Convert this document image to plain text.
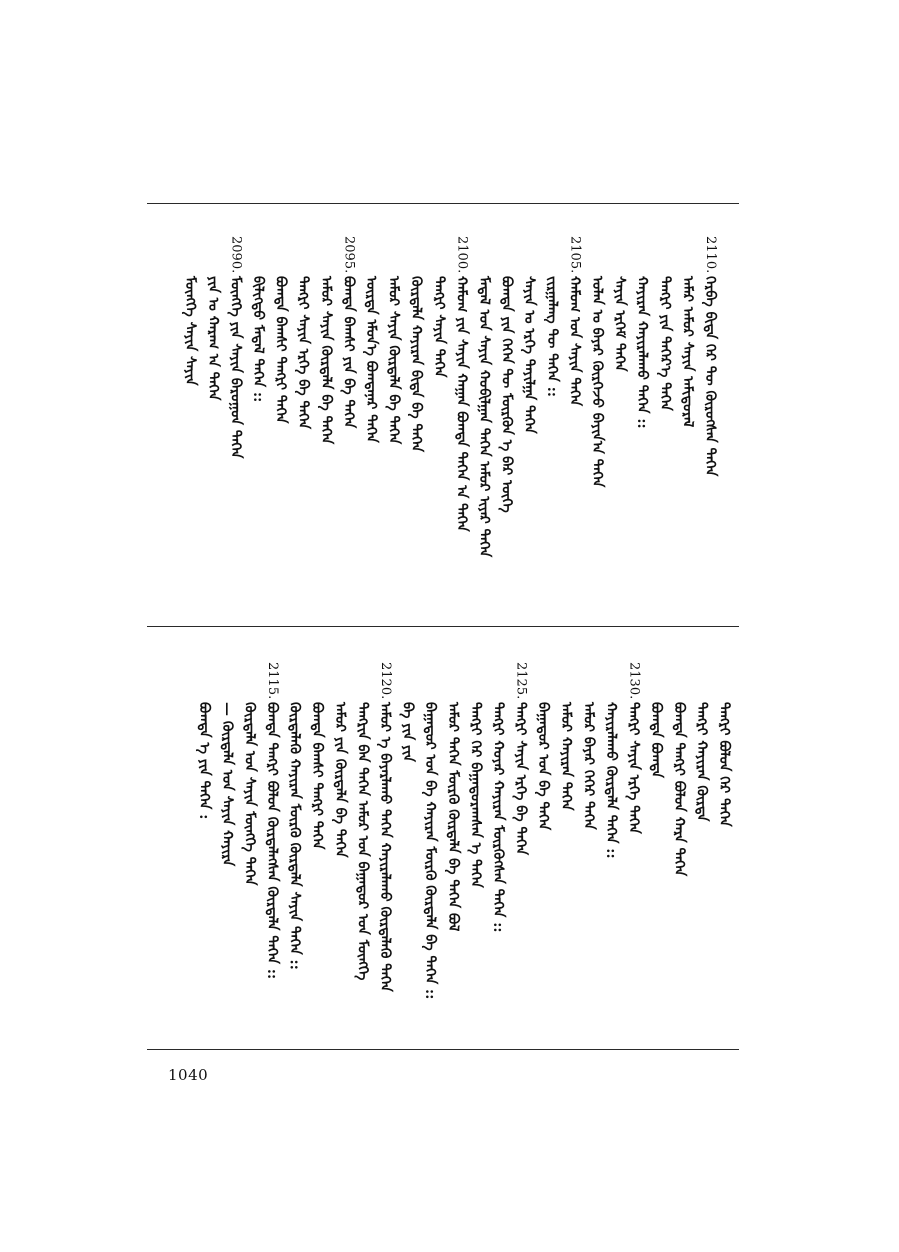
2110.
ᠬᠡᠷᠪᠡ ᠪᠢᠳᠡ ᠭᠡᠷ ᠲᠦ ᠬᠦᠷᠦᠭᠰᠡᠨ ᠳᠡᠭᠡᠨ
ᠠᠮᠠᠷ ᠠᠮᠤᠷ ᠰᠠᠶᠢᠨ ᠠᠮᠢᠳᠤᠷᠠᠯ
ᠲᠡᠩᠷᠢ ᠶᠢᠨ ᠳᠡᠭᠡᠷ᠎ᠡ ᠳᠡᠭᠡᠨ
ᠬᠠᠶᠢᠷᠠᠨ ᠬᠠᠶᠢᠷᠠᠯᠠᠬᠤ ᠳᠡᠭᠡᠨ ::
ᠰᠠᠶᠢᠨ ᠡᠷᠬᠡᠮ ᠳᠡᠭᠡᠨ
ᠣᠯᠠᠨ ᠤ ᠪᠠᠶᠠᠷ ᠬᠦᠷᠭᠡᠵᠦ ᠪᠠᠶᠢᠨ᠎ᠠ ᠳᠡᠭᠡᠨ
2105.
ᠬᠠᠮᠤᠭ ᠤᠨ ᠰᠠᠶᠢᠨ ᠳᠡᠭᠡᠨ
ᠵᠢᠷᠭᠠᠯᠠᠩ ᠲᠦ ᠳᠡᠭᠡᠨ ::
ᠰᠠᠶᠢᠨ ᠤ ᠡᠷᠬᠡ ᠲᠠᠶᠢᠯᠭᠠ ᠳᠡᠭᠡᠨ
ᠪᠣᠭᠳᠠ ᠶᠢᠨ ᠭᠡᠭᠡᠨ ᠲᠦ ᠮᠥᠷᠭᠦᠨ ᠡ ᠪᠠᠷ ᠦᠭᠡ
ᠮᠡᠳᠡᠯ ᠤᠨ ᠰᠠᠶᠢᠨ ᠬᠤᠪᠢᠯᠭᠠᠨ ᠳᠡᠭᠡᠨ ᠠᠮᠤᠷ ᠢᠶᠠᠷ ᠳᠡᠭᠡᠨ
2100.
ᠬᠠᠮᠤᠭ ᠶᠢᠨ ᠰᠠᠶᠢᠨ ᠬᠠᠭᠠᠨ ᠪᠣᠭᠳᠠ ᠳᠡᠭᠡᠨ ᠠ ᠳᠡᠭᠡᠨ
ᠲᠡᠩᠷᠢ ᠰᠠᠶᠢᠨ ᠳᠡᠭᠡᠨ
ᠬᠦᠷᠲᠡᠯᠡ ᠬᠠᠶᠢᠷᠠᠨ ᠪᠢᠳᠡ ᠪᠠ ᠳᠡᠭᠡᠨ
ᠠᠮᠤᠷ ᠰᠠᠶᠢᠨ ᠬᠦᠷᠲᠡᠯᠡ ᠪᠠ ᠳᠡᠭᠡᠨ
ᠦᠷᠳᠡ ᠡᠮᠦᠨ᠎ᠡ ᠪᠣᠭᠳᠠᠨᠠᠷ ᠳᠡᠭᠡᠨ
2095.
ᠪᠣᠭᠳᠠ ᠪᠠᠭᠰᠢ ᠶᠢᠨ ᠪᠠ ᠳᠡᠭᠡᠨ
ᠠᠮᠤᠷ ᠰᠠᠶᠢᠨ ᠬᠦᠷᠲᠡᠯᠡ ᠪᠠ ᠳᠡᠭᠡᠨ
ᠲᠡᠩᠷᠢ ᠰᠠᠶᠢᠨ ᠡᠷᠬᠡ ᠪᠠ ᠳᠡᠭᠡᠨ
ᠪᠣᠭᠳᠠ ᠪᠠᠭᠰᠢ ᠲᠠᠩᠷᠢ ᠳᠡᠭᠡᠨ
ᠪᠢᠯᠢᠭᠲᠦ ᠮᠡᠳᠡᠯ ᠳᠡᠭᠡᠨ ::
2090.
ᠮᠥᠩᠭᠡ ᠶᠢᠨ ᠰᠠᠶᠢᠨ ᠪᠠᠷᠤᠭᠤᠨ ᠳᠡᠭᠡᠨ
ᠶᠢᠨ ᠤ ᠬᠠᠷᠠᠭ ᠠ ᠳᠡᠭᠡᠨ
ᠮᠥᠩᠭᠡ ᠰᠠᠶᠢᠨ ᠰᠠᠶᠢᠨ
ᠲᠡᠩᠷᠢ ᠪᠣᠯᠤᠨ ᠬᠡᠷ ᠳᠡᠭᠡᠨ
ᠲᠡᠩᠷᠢ ᠬᠠᠶᠢᠷᠠᠨ ᠬᠦᠷᠳᠡ
ᠪᠣᠭᠳᠠ ᠲᠠᠩᠷᠢ ᠪᠣᠯᠤᠨ ᠬᠠᠷᠠ ᠳᠡᠭᠡᠨ
ᠪᠣᠭᠳᠠ ᠪᠣᠭᠳᠠ
2130.
ᠲᠡᠩᠷᠢ ᠰᠠᠶᠢᠨ ᠡᠷᠬᠡ ᠳᠡᠭᠡᠨ
ᠬᠠᠶᠢᠷᠠᠯᠠᠬᠤ ᠬᠦᠷᠲᠡᠯᠡ ᠳᠡᠭᠡᠨ ::
ᠠᠮᠤᠷ ᠪᠠᠶᠠᠷ ᠬᠡᠭᠡᠷ ᠳᠡᠭᠡᠨ
ᠠᠮᠤᠷ ᠬᠠᠶᠢᠷᠠᠨ ᠳᠡᠭᠡᠨ
ᠪᠠᠭᠠᠲᠤᠷ ᠤᠨ ᠪᠠ ᠳᠡᠭᠡᠨ
2125.
ᠲᠡᠩᠷᠢ ᠰᠠᠶᠢᠨ ᠡᠷᠬᠡ ᠪᠠ ᠳᠡᠭᠡᠨ
ᠲᠡᠩᠷᠢ ᠬᠣᠶᠠᠷ ᠬᠠᠶᠢᠷᠠᠨ ᠮᠥᠷᠭᠦᠭᠰᠡᠨ ᠳᠡᠭᠡᠨ ::
ᠲᠡᠩᠷᠢ ᠬᠡᠷ ᠪᠠᠭᠠᠲᠤᠷᠠᠭᠰᠠᠨ ᠡ ᠳᠡᠭᠡᠨ
ᠠᠮᠤᠷ ᠳᠡᠭᠡᠨ ᠮᠥᠷᠭᠦ ᠬᠦᠷᠲᠡᠯᠡ ᠪᠠ ᠳᠡᠭᠡᠨ ᠪᠣᠯ
ᠪᠠᠭᠠᠲᠤᠷ ᠤᠨ ᠪᠠ ᠬᠠᠶᠢᠷᠠᠨ ᠮᠥᠷᠭᠦ ᠬᠦᠷᠲᠡᠯᠡ ᠪᠠ ᠳᠡᠭᠡᠨ ::
ᠪᠠ ᠶᠢᠨ ᠶᠢᠨ
2120.
ᠠᠮᠤᠷ ᠡ ᠪᠠᠶᠠᠷᠯᠠᠬᠤ ᠳᠡᠭᠡᠨ ᠬᠠᠶᠢᠷᠠᠯᠠᠬᠤ ᠬᠦᠷᠲᠡᠯᠡᠬᠦ ᠳᠡᠭᠡᠨ
ᠲᠡᠩᠷᠢᠨ ᠪᠠᠨ ᠳᠡᠭᠡᠨ ᠠᠮᠤᠷ ᠤᠨ ᠪᠠᠭᠠᠲᠤᠷ ᠤᠨ ᠮᠥᠩᠭᠡ
ᠠᠮᠤᠷ ᠶᠢᠨ ᠬᠦᠷᠲᠡᠯᠡ ᠪᠠ ᠳᠡᠭᠡᠨ
ᠪᠣᠭᠳᠠ ᠪᠠᠭᠰᠢ ᠲᠠᠩᠷᠢ ᠳᠡᠭᠡᠨ
ᠬᠦᠷᠲᠡᠯᠡᠬᠦ ᠬᠠᠶᠢᠷᠠᠨ ᠮᠥᠷᠭᠦ ᠬᠦᠷᠲᠡᠯᠡ ᠰᠠᠶᠢᠨ ᠳᠡᠭᠡᠨ ::
2115.
ᠪᠣᠭᠳᠠ ᠲᠠᠩᠷᠢ ᠪᠣᠯᠤᠨ ᠬᠦᠷᠲᠡᠯᠡᠭᠰᠡᠨ ᠬᠦᠷᠲᠡᠯᠡ ᠳᠡᠭᠡᠨ ::
ᠬᠦᠷᠲᠡᠯᠡ ᠤᠨ ᠰᠠᠶᠢᠨ ᠮᠥᠩᠭᠡ ᠳᠡᠭᠡᠨ
— ᠬᠦᠷᠲᠡᠯᠡ ᠤᠨ ᠰᠠᠶᠢᠨ ᠬᠠᠶᠢᠷᠠ
ᠪᠣᠭᠳᠠ ᠡ ᠶᠢᠨ ᠳᠡᠭᠡᠨ :
1040
